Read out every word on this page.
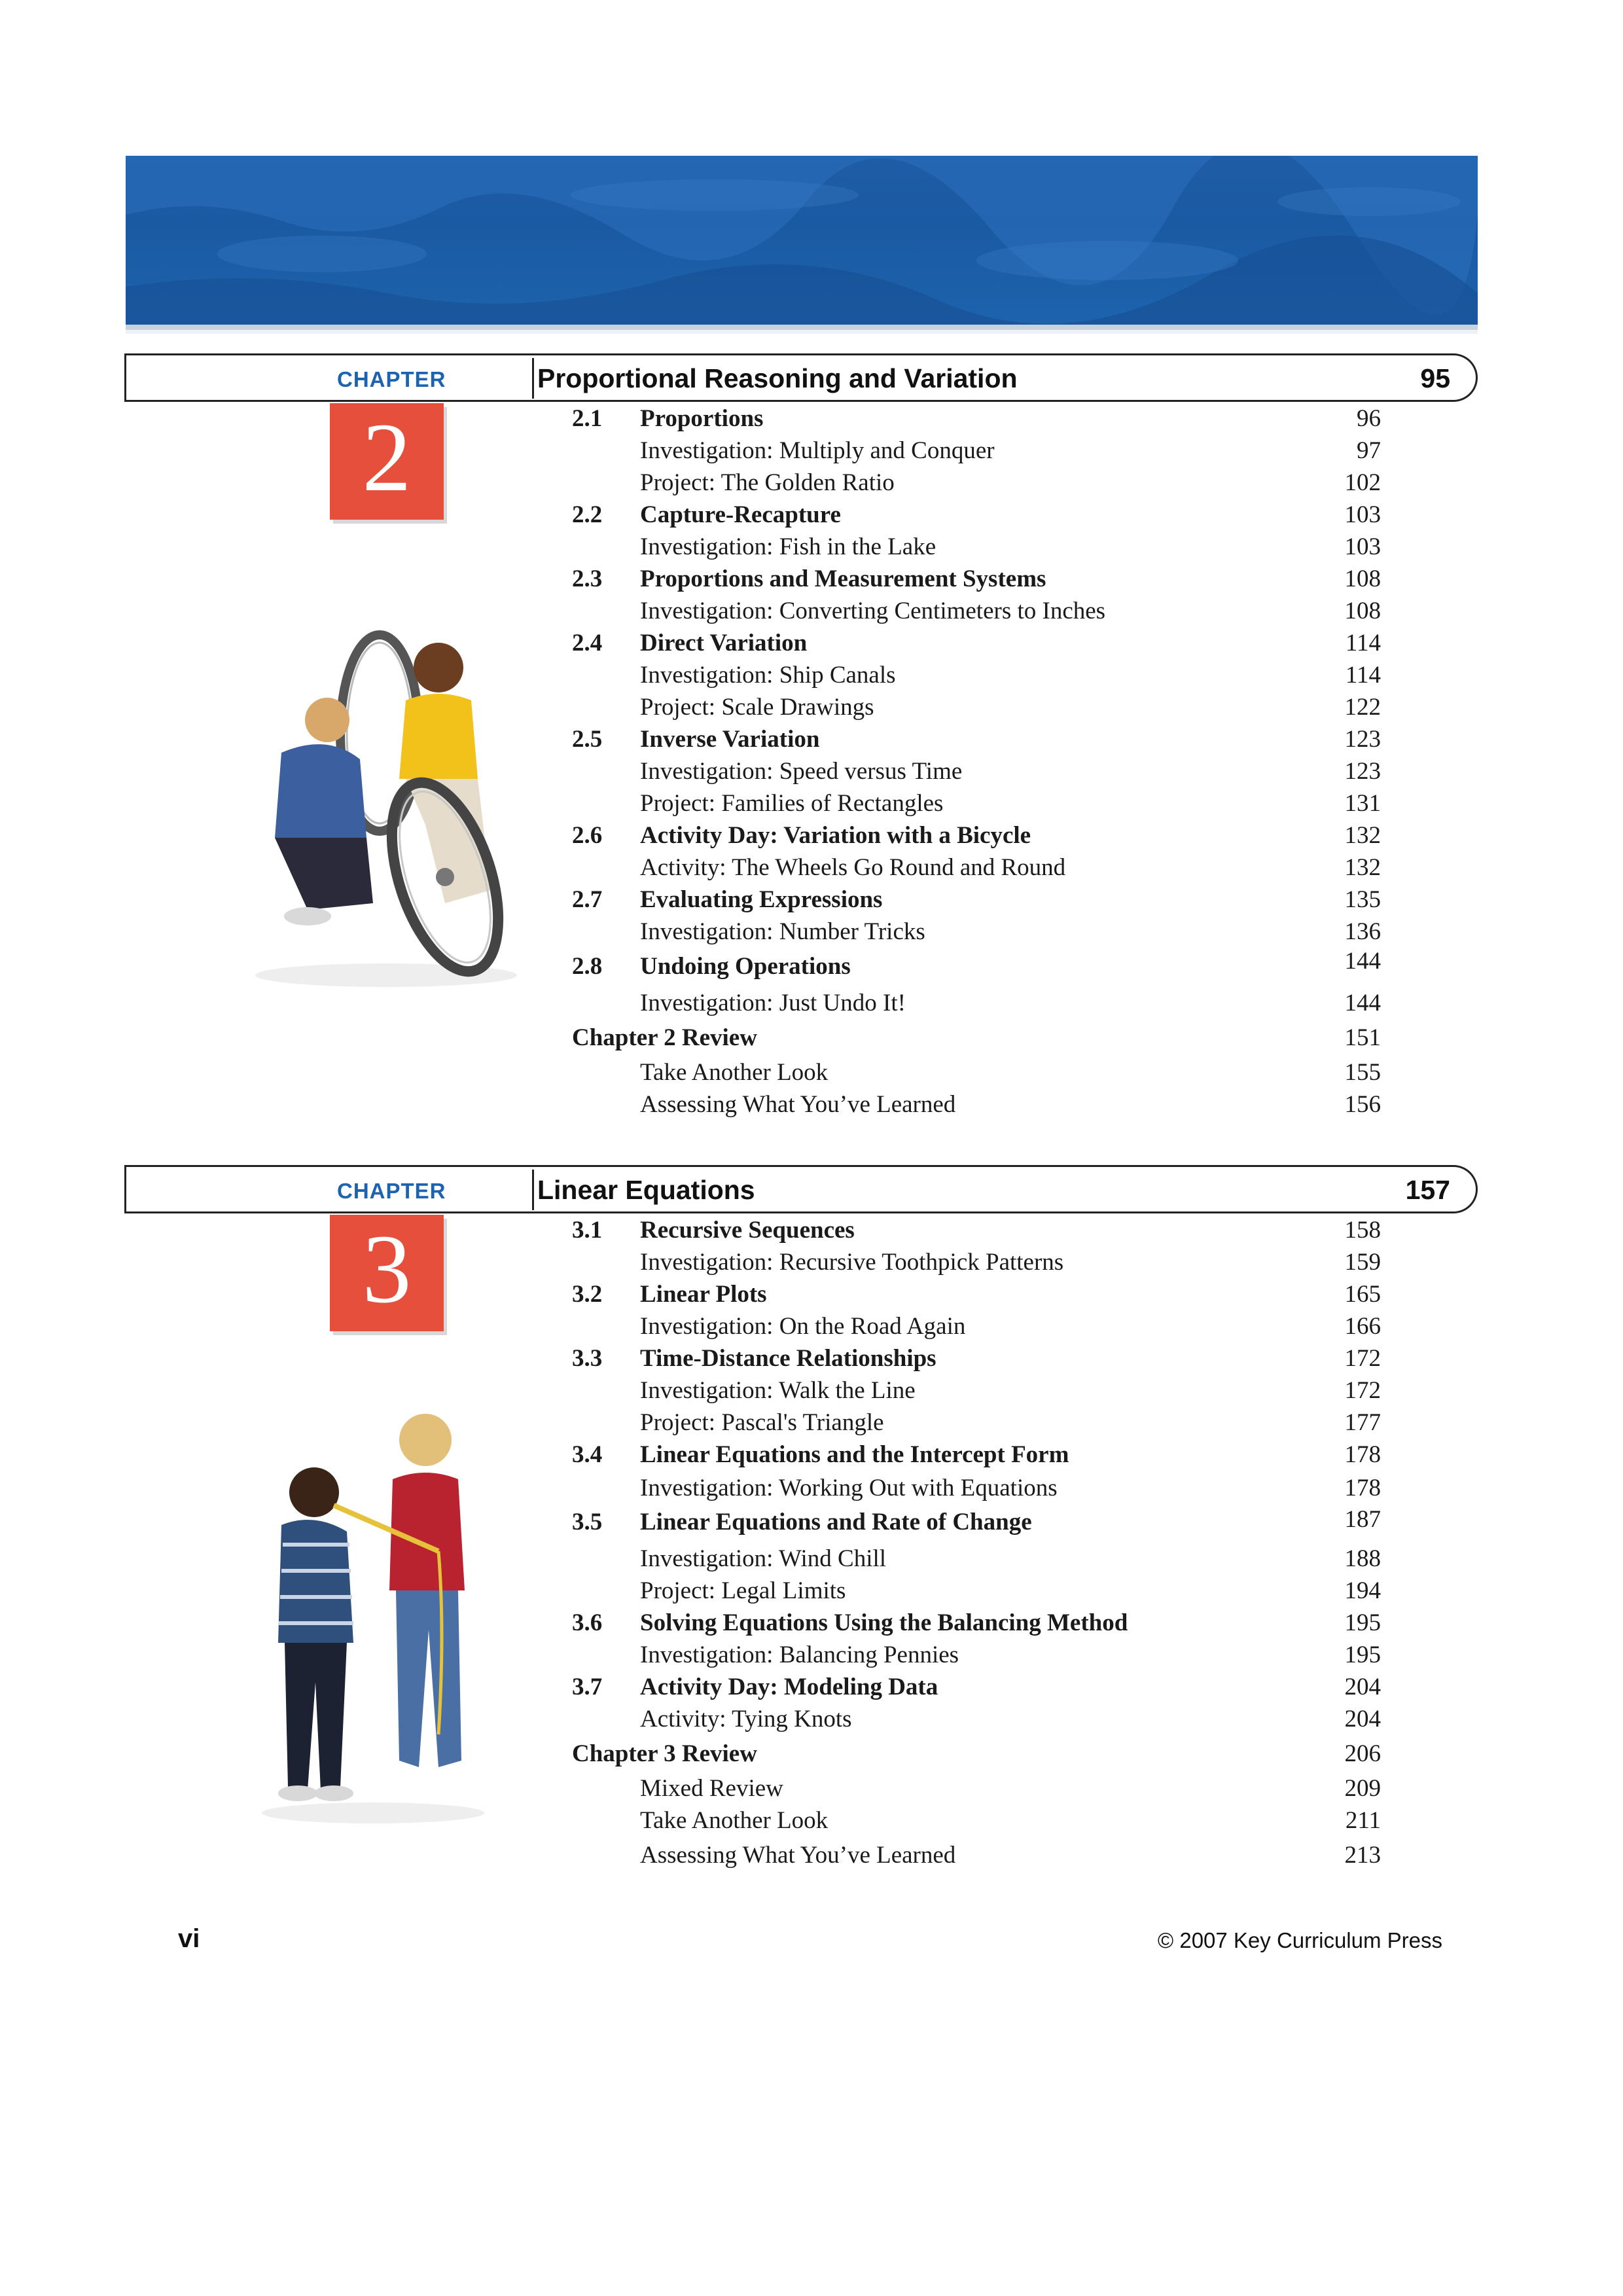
CHAPTER	Proportional Reasoning and Variation	95
2	2.1 Proportions	96
Investigation: Multiply and Conquer	97
Project: The Golden Ratio	102
2.2 Capture-Recapture	103
Investigation: Fish in the Lake	103
2.3 Proportions and Measurement Systems	108
Investigation: Converting Centimeters to Inches	108
2.4 Direct Variation	114
Investigation: Ship Canals	114
Project: Scale Drawings	122
2.5 Inverse Variation	123
Investigation: Speed versus Time	123
Project: Families of Rectangles	131
2.6 Activity Day: Variation with a Bicycle	132
Activity: The Wheels Go Round and Round	132
2.7 Evaluating Expressions	135
Investigation: Number Tricks	136
2.8 Undoing Operations	144
Investigation: Just Undo It!	144
Chapter 2 Review	151
Take Another Look	155
Assessing What You’ve Learned	156
CHAPTER	Linear Equations	157
3	3.1 Recursive Sequences	158
Investigation: Recursive Toothpick Patterns	159
3.2 Linear Plots	165
Investigation: On the Road Again	166
3.3 Time-Distance Relationships	172
Investigation: Walk the Line	172
Project: Pascal's Triangle	177
3.4 Linear Equations and the Intercept Form	178
Investigation: Working Out with Equations	178
3.5 Linear Equations and Rate of Change	187
Investigation: Wind Chill	188
Project: Legal Limits	194
3.6 Solving Equations Using the Balancing Method	195
Investigation: Balancing Pennies	195
3.7 Activity Day: Modeling Data	204
Activity: Tying Knots	204
Chapter 3 Review	206
Mixed Review	209
Take Another Look	211
Assessing What You’ve Learned	213
vi	© 2007 Key Curriculum Press
